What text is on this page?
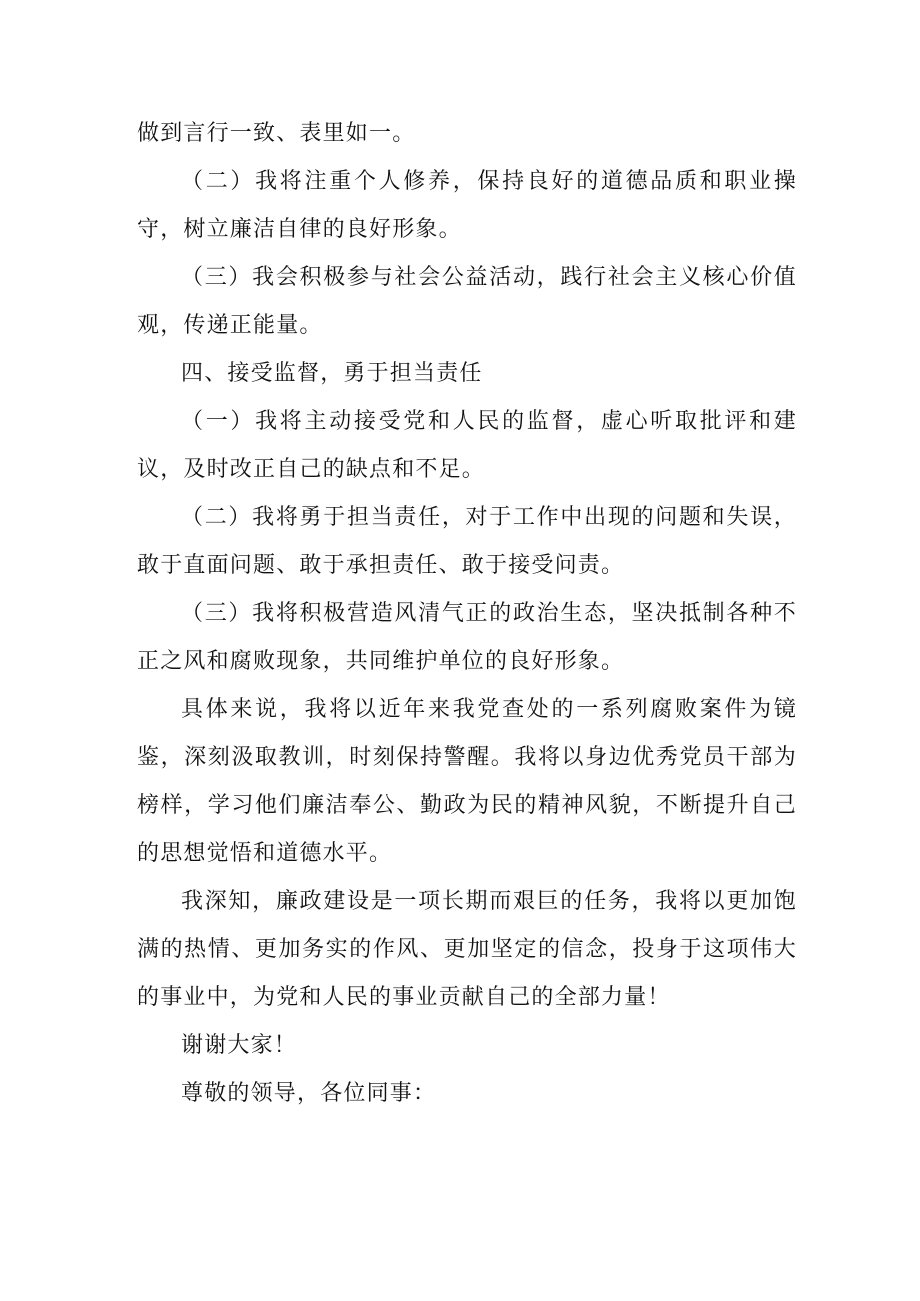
做到言行一致、表里如一。

（二）我将注重个人修养，保持良好的道德品质和职业操守，树立廉洁自律的良好形象。

（三）我会积极参与社会公益活动，践行社会主义核心价值观，传递正能量。

四、接受监督，勇于担当责任

（一）我将主动接受党和人民的监督，虚心听取批评和建议，及时改正自己的缺点和不足。

（二）我将勇于担当责任，对于工作中出现的问题和失误，敢于直面问题、敢于承担责任、敢于接受问责。

（三）我将积极营造风清气正的政治生态，坚决抵制各种不正之风和腐败现象，共同维护单位的良好形象。

具体来说，我将以近年来我党查处的一系列腐败案件为镜鉴，深刻汲取教训，时刻保持警醒。我将以身边优秀党员干部为榜样，学习他们廉洁奉公、勤政为民的精神风貌，不断提升自己的思想觉悟和道德水平。

我深知，廉政建设是一项长期而艰巨的任务，我将以更加饱满的热情、更加务实的作风、更加坚定的信念，投身于这项伟大的事业中，为党和人民的事业贡献自己的全部力量！

谢谢大家！

尊敬的领导，各位同事：
